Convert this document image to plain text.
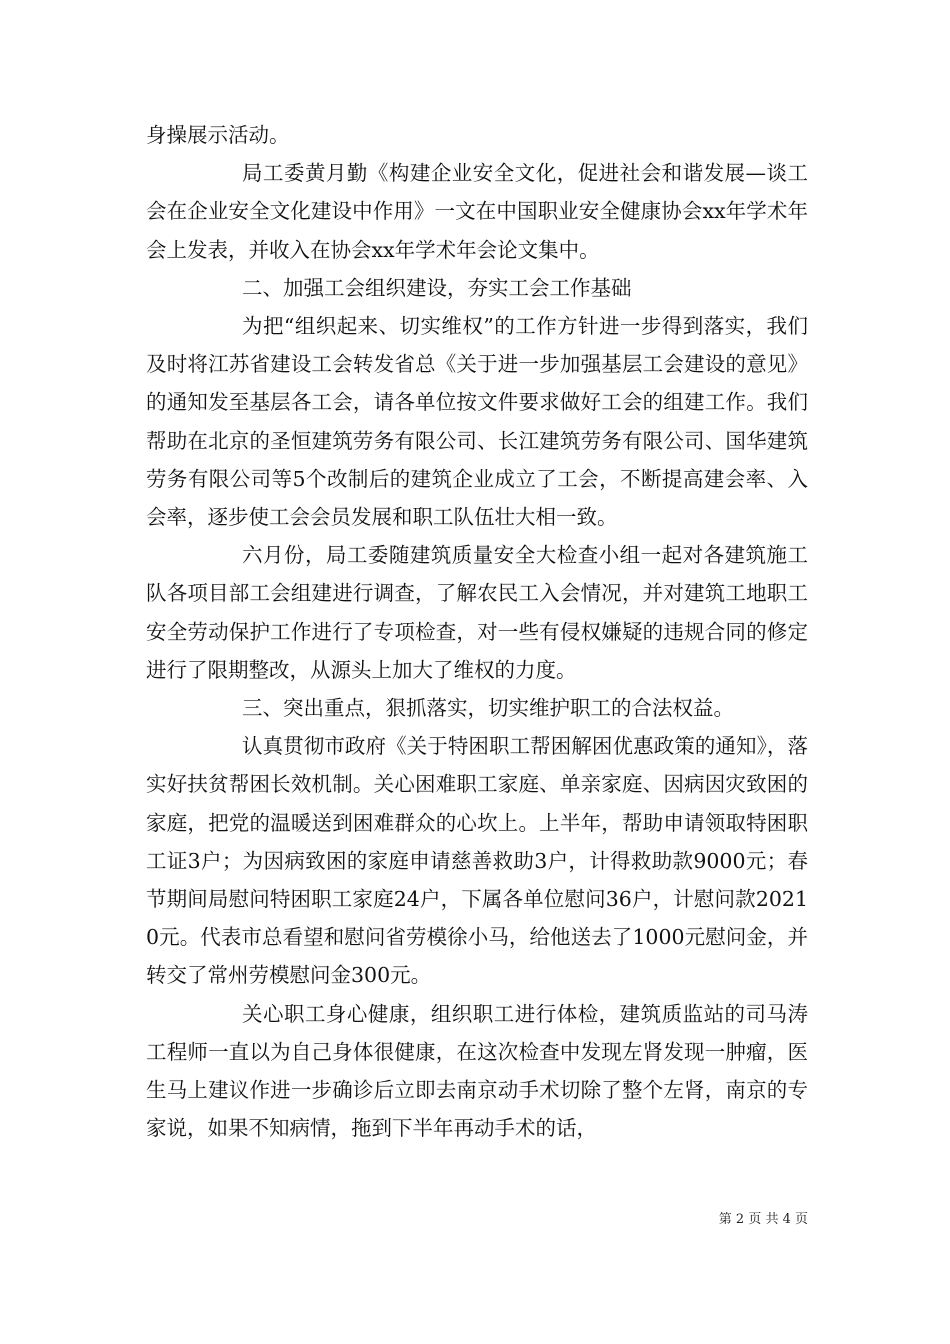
身操展示活动。

局工委黄月勤《构建企业安全文化，促进社会和谐发展—谈工会在企业安全文化建设中作用》一文在中国职业安全健康协会xx年学术年会上发表，并收入在协会xx年学术年会论文集中。

二、加强工会组织建设，夯实工会工作基础

为把“组织起来、切实维权”的工作方针进一步得到落实，我们及时将江苏省建设工会转发省总《关于进一步加强基层工会建设的意见》的通知发至基层各工会，请各单位按文件要求做好工会的组建工作。我们帮助在北京的圣恒建筑劳务有限公司、长江建筑劳务有限公司、国华建筑劳务有限公司等5个改制后的建筑企业成立了工会，不断提高建会率、入会率，逐步使工会会员发展和职工队伍壮大相一致。

六月份，局工委随建筑质量安全大检查小组一起对各建筑施工队各项目部工会组建进行调查，了解农民工入会情况，并对建筑工地职工安全劳动保护工作进行了专项检查，对一些有侵权嫌疑的违规合同的修定进行了限期整改，从源头上加大了维权的力度。

三、突出重点，狠抓落实，切实维护职工的合法权益。

认真贯彻市政府《关于特困职工帮困解困优惠政策的通知》，落实好扶贫帮困长效机制。关心困难职工家庭、单亲家庭、因病因灾致困的家庭，把党的温暖送到困难群众的心坎上。上半年，帮助申请领取特困职工证3户；为因病致困的家庭申请慈善救助3户，计得救助款9000元；春节期间局慰问特困职工家庭24户，下属各单位慰问36户，计慰问款20210元。代表市总看望和慰问省劳模徐小马，给他送去了1000元慰问金，并转交了常州劳模慰问金300元。

关心职工身心健康，组织职工进行体检，建筑质监站的司马涛工程师一直以为自己身体很健康，在这次检查中发现左肾发现一肿瘤，医生马上建议作进一步确诊后立即去南京动手术切除了整个左肾，南京的专家说，如果不知病情，拖到下半年再动手术的话，

第 2 页 共 4 页
